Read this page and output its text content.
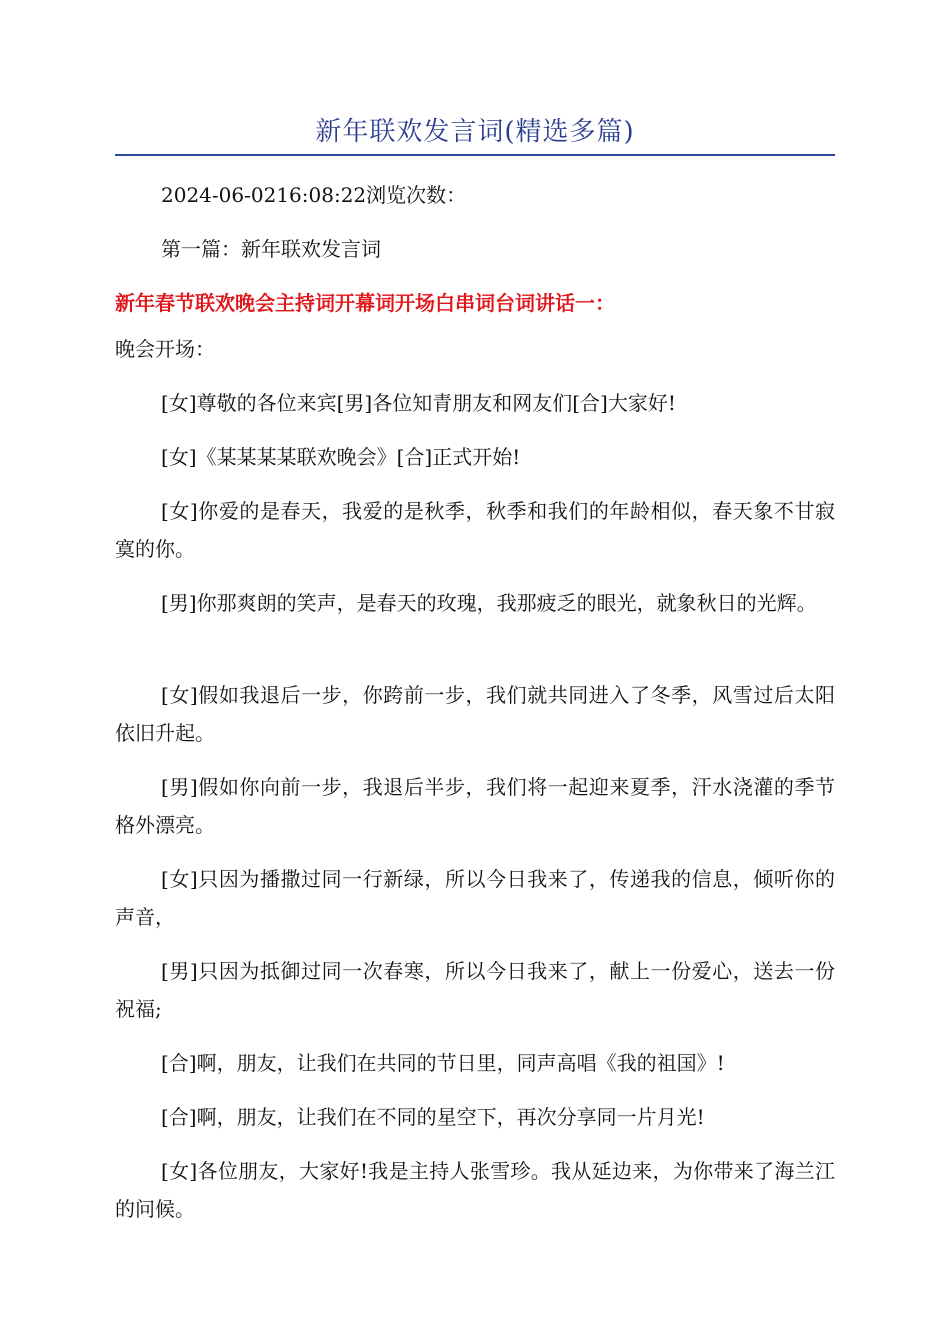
新年联欢发言词(精选多篇)
2024-06-0216:08:22浏览次数：
第一篇：新年联欢发言词
新年春节联欢晚会主持词开幕词开场白串词台词讲话一：
晚会开场：
[女]尊敬的各位来宾[男]各位知青朋友和网友们[合]大家好!
[女]《某某某某联欢晚会》[合]正式开始!
[女]你爱的是春天，我爱的是秋季，秋季和我们的年龄相似，春天象不甘寂寞的你。
[男]你那爽朗的笑声，是春天的玫瑰，我那疲乏的眼光，就象秋日的光辉。
[女]假如我退后一步，你跨前一步，我们就共同进入了冬季，风雪过后太阳依旧升起。
[男]假如你向前一步，我退后半步，我们将一起迎来夏季，汗水浇灌的季节格外漂亮。
[女]只因为播撒过同一行新绿，所以今日我来了，传递我的信息，倾听你的声音，
[男]只因为抵御过同一次春寒，所以今日我来了，献上一份爱心，送去一份祝福;
[合]啊，朋友，让我们在共同的节日里，同声高唱《我的祖国》!
[合]啊，朋友，让我们在不同的星空下，再次分享同一片月光!
[女]各位朋友，大家好!我是主持人张雪珍。我从延边来，为你带来了海兰江的问候。
